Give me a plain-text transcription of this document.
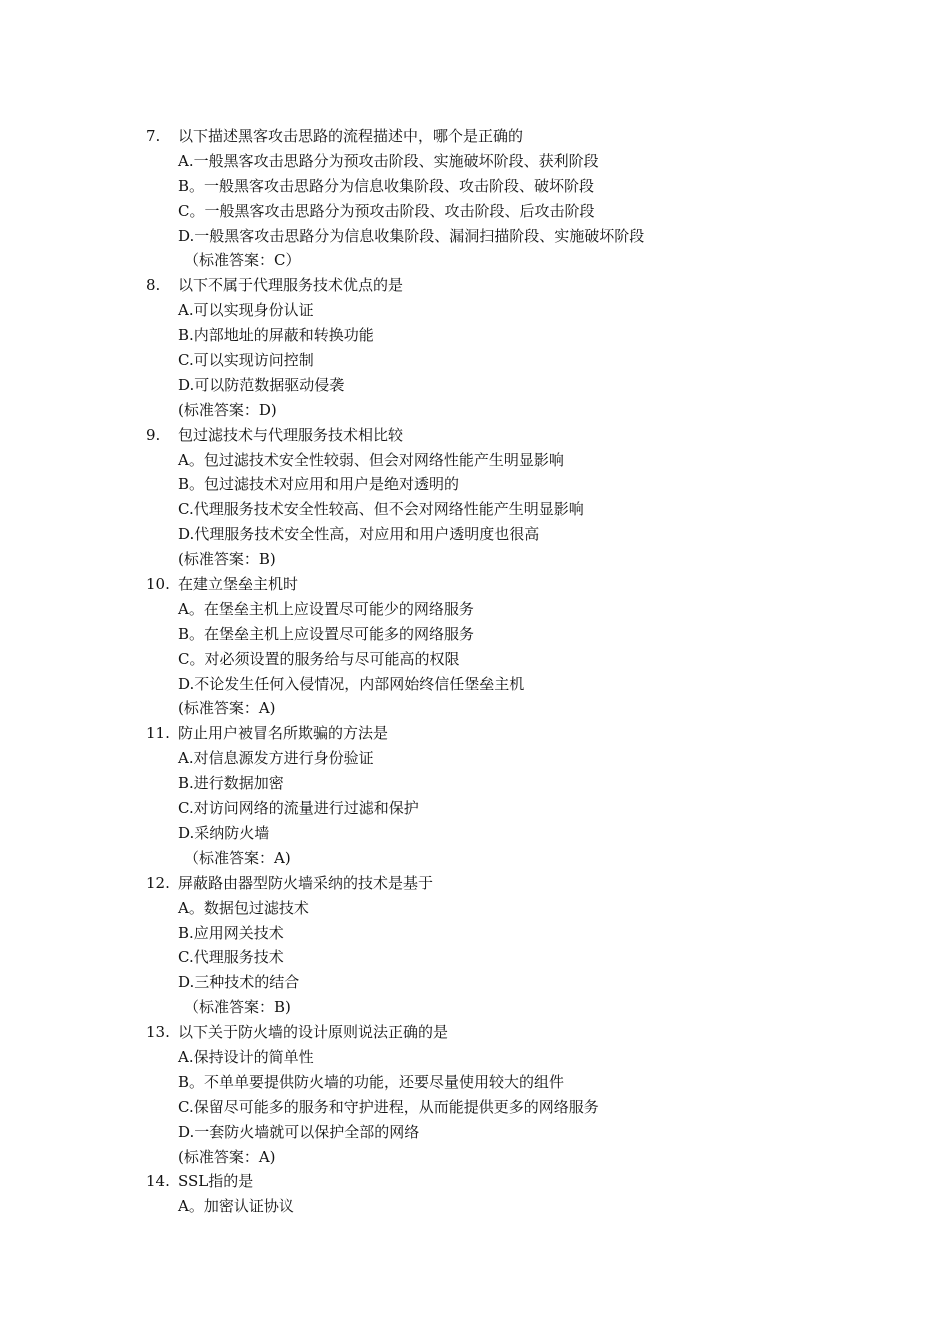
7. 以下描述黑客攻击思路的流程描述中，哪个是正确的
A.一般黑客攻击思路分为预攻击阶段、实施破坏阶段、获利阶段
B。一般黑客攻击思路分为信息收集阶段、攻击阶段、破坏阶段
C。一般黑客攻击思路分为预攻击阶段、攻击阶段、后攻击阶段
D.一般黑客攻击思路分为信息收集阶段、漏洞扫描阶段、实施破坏阶段
（标准答案：C）
8. 以下不属于代理服务技术优点的是
A.可以实现身份认证
B.内部地址的屏蔽和转换功能
C.可以实现访问控制
D.可以防范数据驱动侵袭
(标准答案：D)
9. 包过滤技术与代理服务技术相比较
A。包过滤技术安全性较弱、但会对网络性能产生明显影响
B。包过滤技术对应用和用户是绝对透明的
C.代理服务技术安全性较高、但不会对网络性能产生明显影响
D.代理服务技术安全性高，对应用和用户透明度也很高
(标准答案：B)
10. 在建立堡垒主机时
A。在堡垒主机上应设置尽可能少的网络服务
B。在堡垒主机上应设置尽可能多的网络服务
C。对必须设置的服务给与尽可能高的权限
D.不论发生任何入侵情况，内部网始终信任堡垒主机
(标准答案：A)
11. 防止用户被冒名所欺骗的方法是
A.对信息源发方进行身份验证
B.进行数据加密
C.对访问网络的流量进行过滤和保护
D.采纳防火墙
（标准答案：A)
12. 屏蔽路由器型防火墙采纳的技术是基于
A。数据包过滤技术
B.应用网关技术
C.代理服务技术
D.三种技术的结合
（标准答案：B)
13. 以下关于防火墙的设计原则说法正确的是
A.保持设计的简单性
B。不单单要提供防火墙的功能，还要尽量使用较大的组件
C.保留尽可能多的服务和守护进程，从而能提供更多的网络服务
D.一套防火墙就可以保护全部的网络
(标准答案：A)
14. SSL指的是
A。加密认证协议
